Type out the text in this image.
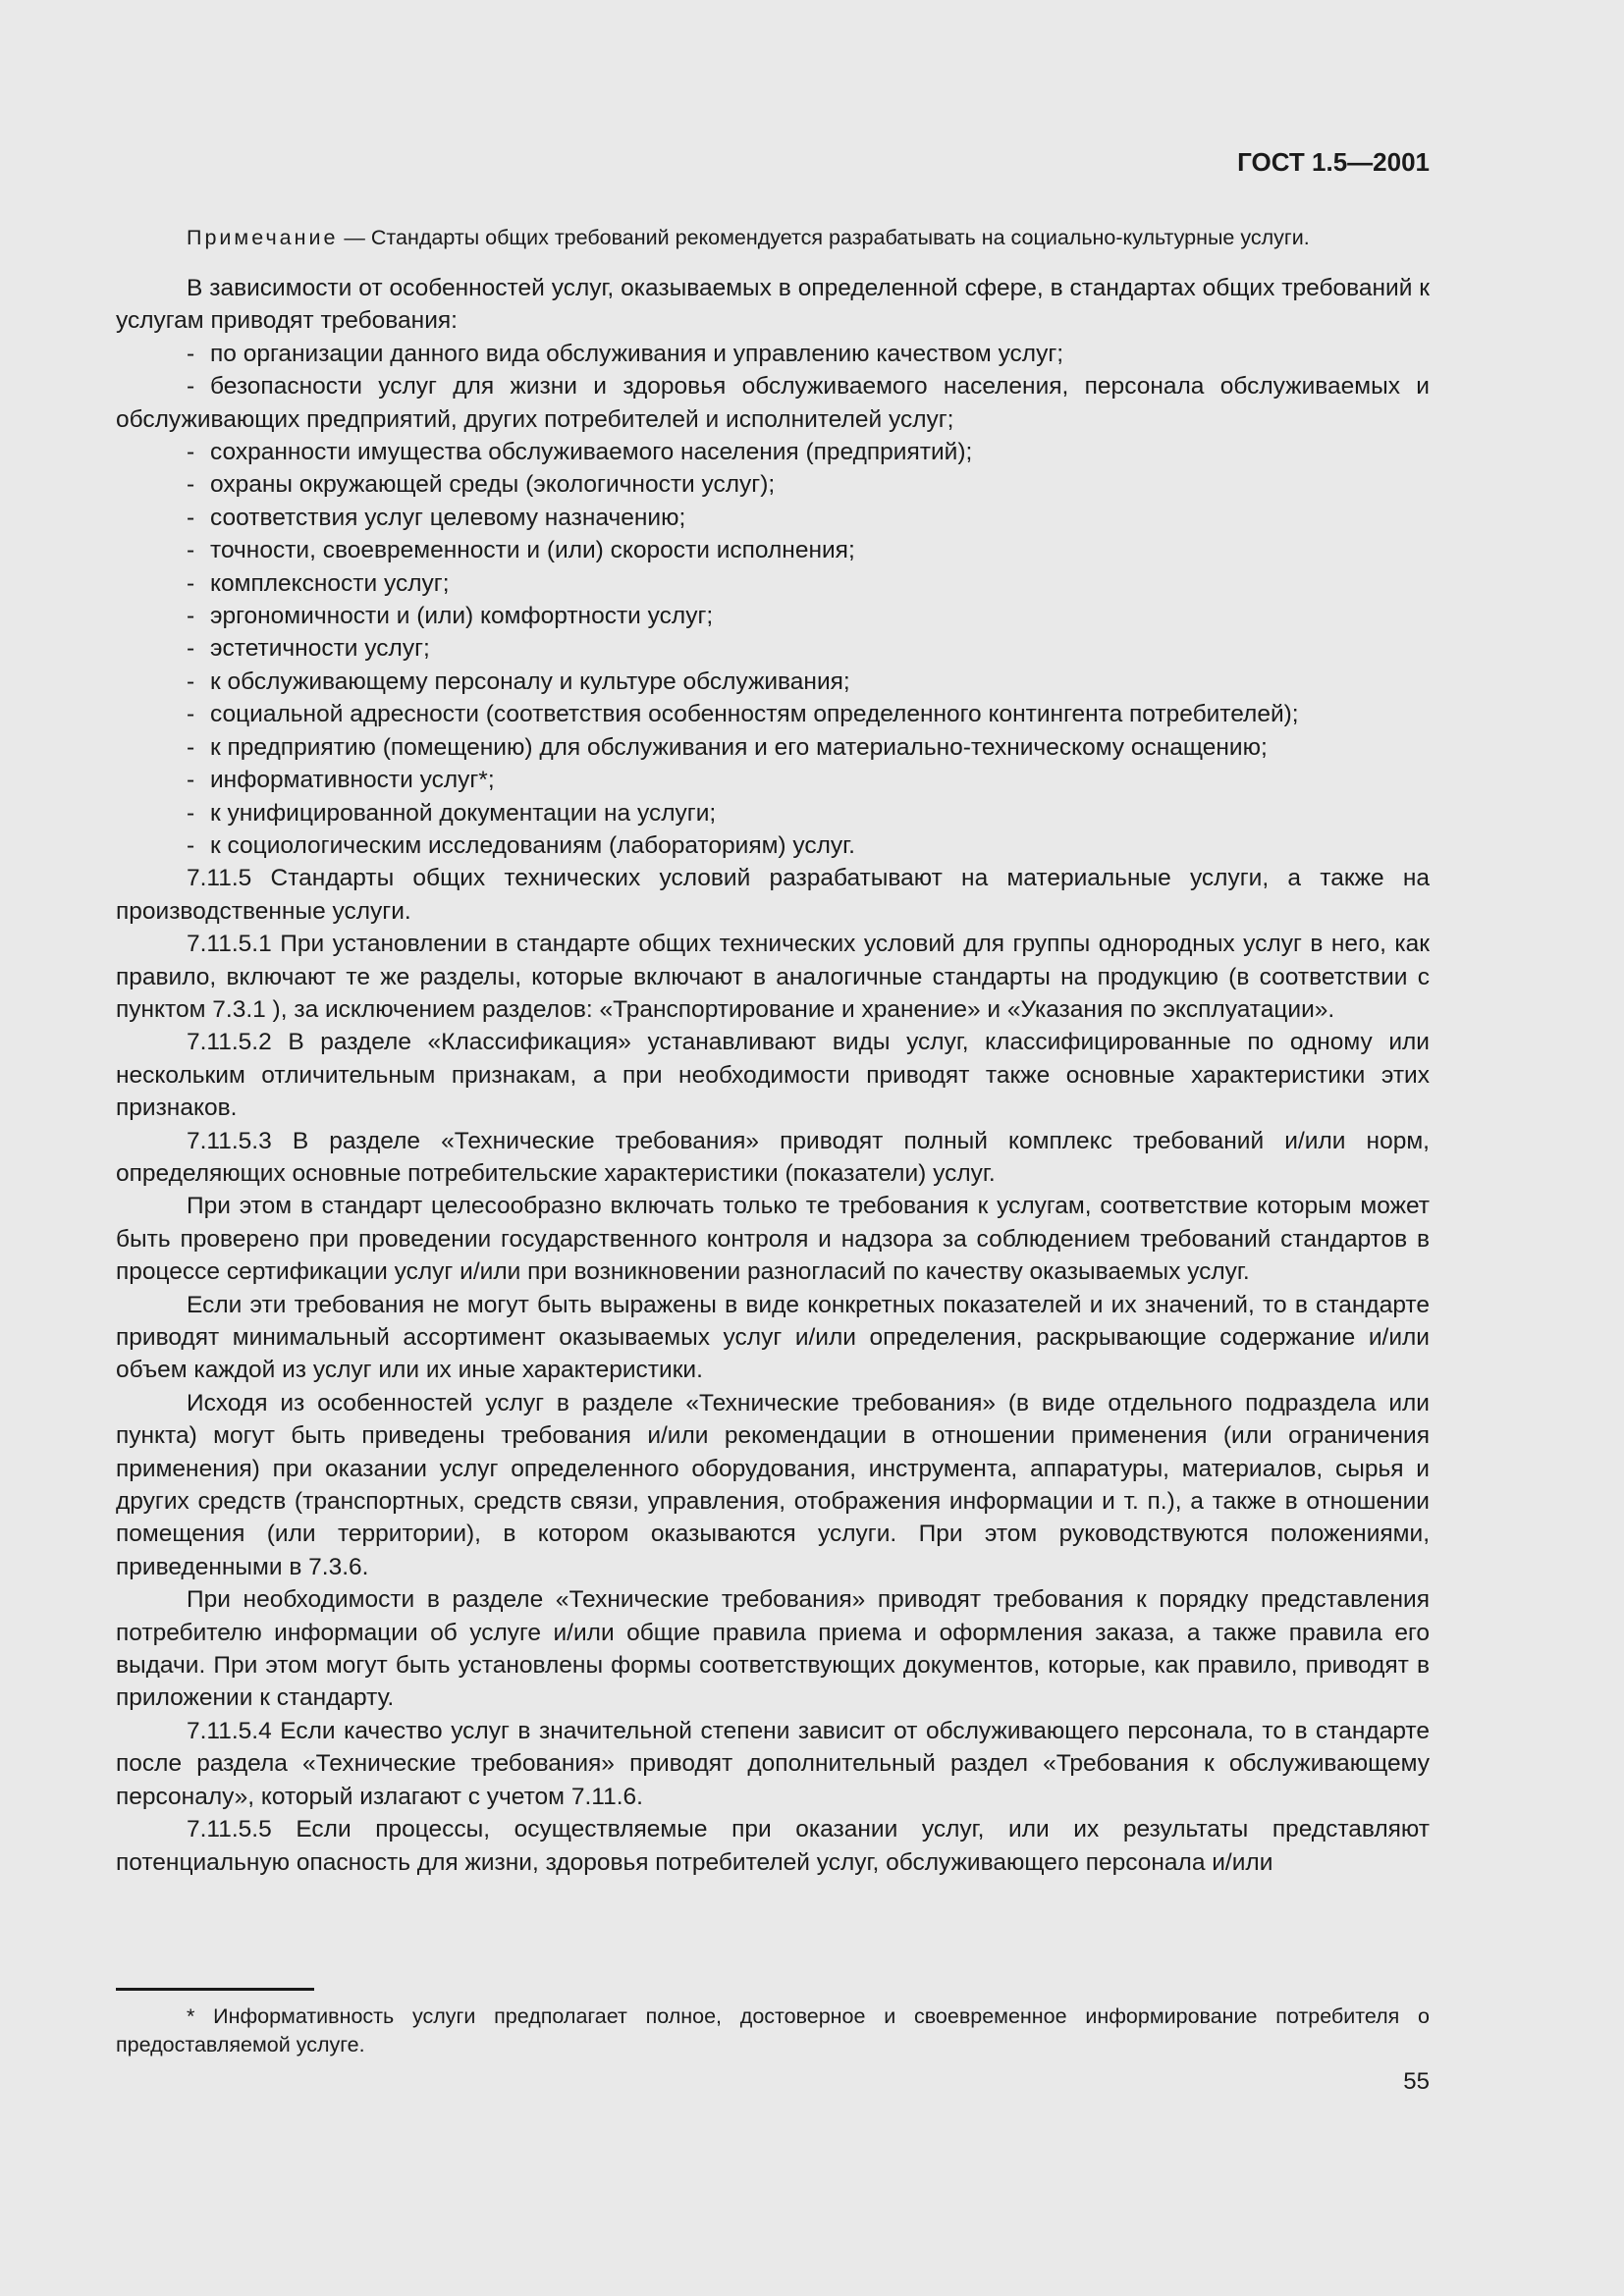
ГОСТ 1.5—2001
Примечание — Стандарты общих требований рекомендуется разрабатывать на социально-культурные услуги.

В зависимости от особенностей услуг, оказываемых в определенной сфере, в стандартах общих требований к услугам приводят требования:

- по организации данного вида обслуживания и управлению качеством услуг;

- безопасности услуг для жизни и здоровья обслуживаемого населения, персонала обслуживаемых и обслуживающих предприятий, других потребителей и исполнителей услуг;

- сохранности имущества обслуживаемого населения (предприятий);

- охраны окружающей среды (экологичности услуг);

- соответствия услуг целевому назначению;

- точности, своевременности и (или) скорости исполнения;

- комплексности услуг;

- эргономичности и (или) комфортности услуг;

- эстетичности услуг;

- к обслуживающему персоналу и культуре обслуживания;

- социальной адресности (соответствия особенностям определенного контингента потребителей);

- к предприятию (помещению) для обслуживания и его материально-техническому оснащению;

- информативности услуг*;

- к унифицированной документации на услуги;

- к социологическим исследованиям (лабораториям) услуг.

7.11.5 Стандарты общих технических условий разрабатывают на материальные услуги, а также на производственные услуги.

7.11.5.1 При установлении в стандарте общих технических условий для группы однородных услуг в него, как правило, включают те же разделы, которые включают в аналогичные стандарты на продукцию (в соответствии с пунктом 7.3.1 ), за исключением разделов: «Транспортирование и хранение» и «Указания по эксплуатации».

7.11.5.2 В разделе «Классификация» устанавливают виды услуг, классифицированные по одному или нескольким отличительным признакам, а при необходимости приводят также основные характеристики этих признаков.

7.11.5.3 В разделе «Технические требования» приводят полный комплекс требований и/или норм, определяющих основные потребительские характеристики (показатели) услуг.

При этом в стандарт целесообразно включать только те требования к услугам, соответствие которым может быть проверено при проведении государственного контроля и надзора за соблюдением требований стандартов в процессе сертификации услуг и/или при возникновении разногласий по качеству оказываемых услуг.

Если эти требования не могут быть выражены в виде конкретных показателей и их значений, то в стандарте приводят минимальный ассортимент оказываемых услуг и/или определения, раскрывающие содержание и/или объем каждой из услуг или их иные характеристики.

Исходя из особенностей услуг в разделе «Технические требования» (в виде отдельного подраздела или пункта) могут быть приведены требования и/или рекомендации в отношении применения (или ограничения применения) при оказании услуг определенного оборудования, инструмента, аппаратуры, материалов, сырья и других средств (транспортных, средств связи, управления, отображения информации и т. п.), а также в отношении помещения (или территории), в котором оказываются услуги. При этом руководствуются положениями, приведенными в 7.3.6.

При необходимости в разделе «Технические требования» приводят требования к порядку представления потребителю информации об услуге и/или общие правила приема и оформления заказа, а также правила его выдачи. При этом могут быть установлены формы соответствующих документов, которые, как правило, приводят в приложении к стандарту.

7.11.5.4 Если качество услуг в значительной степени зависит от обслуживающего персонала, то в стандарте после раздела «Технические требования» приводят дополнительный раздел «Требования к обслуживающему персоналу», который излагают с учетом 7.11.6.

7.11.5.5 Если процессы, осуществляемые при оказании услуг, или их результаты представляют потенциальную опасность для жизни, здоровья потребителей услуг, обслуживающего персонала и/или

* Информативность услуги предполагает полное, достоверное и своевременное информирование потребителя о предоставляемой услуге.
55
